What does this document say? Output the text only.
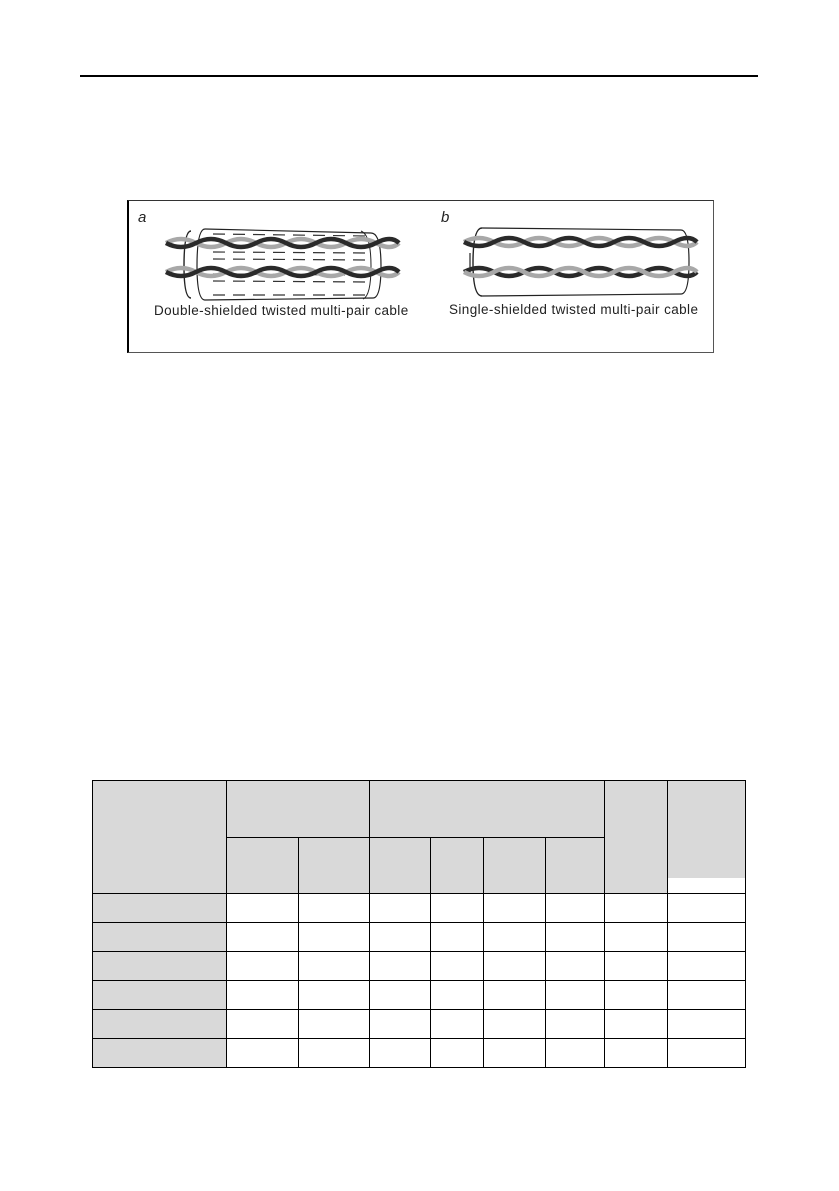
a	b
Double-shielded twisted multi-pair cable	Single-shielded twisted multi-pair cable
